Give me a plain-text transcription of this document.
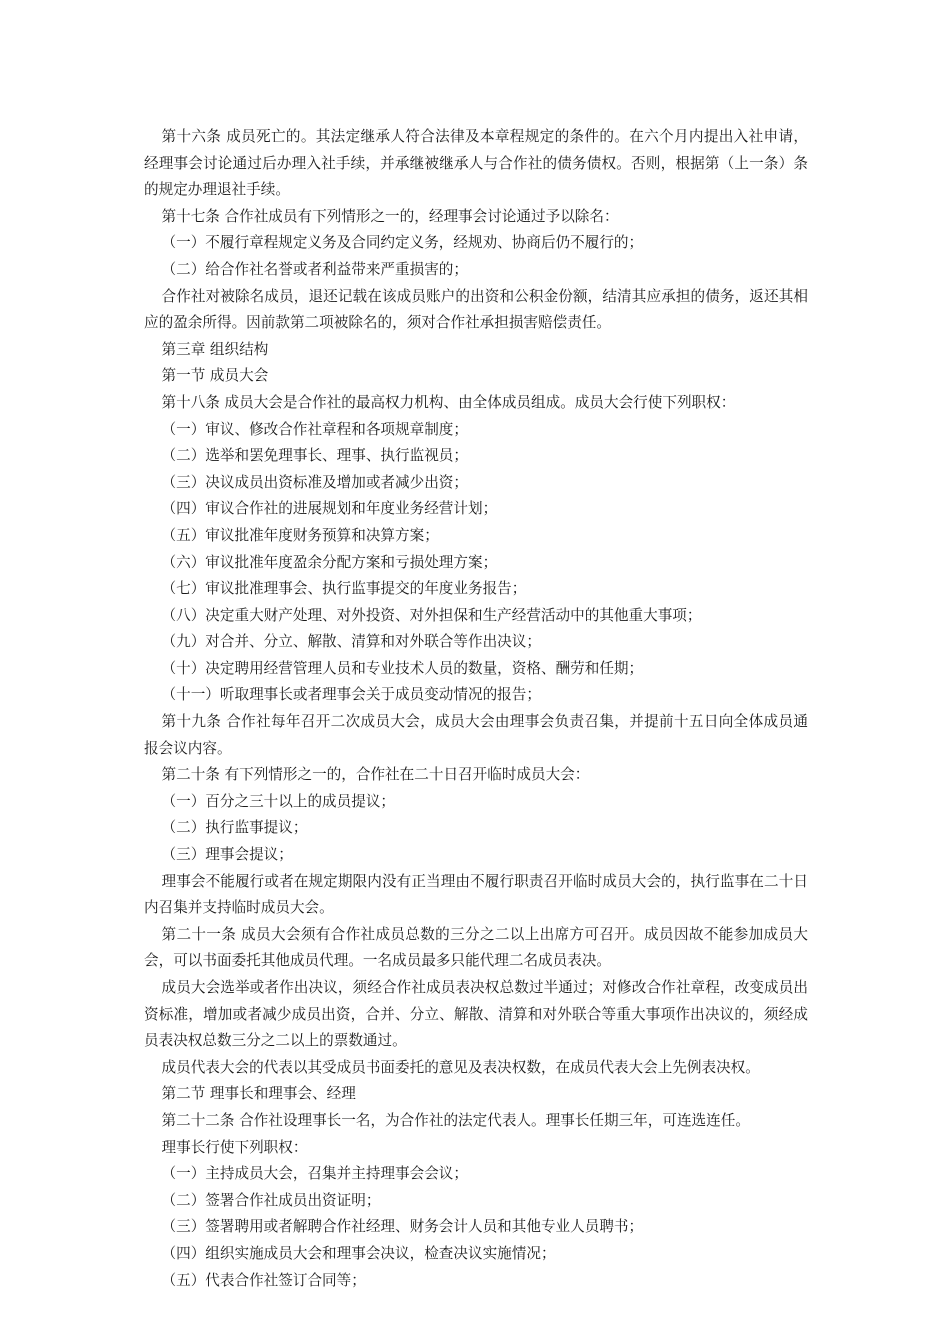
第十六条 成员死亡的。其法定继承人符合法律及本章程规定的条件的。在六个月内提出入社申请，经理事会讨论通过后办理入社手续，并承继被继承人与合作社的债务债权。否则，根据第（上一条）条的规定办理退社手续。

第十七条 合作社成员有下列情形之一的，经理事会讨论通过予以除名：

（一）不履行章程规定义务及合同约定义务，经规劝、协商后仍不履行的；

（二）给合作社名誉或者利益带来严重损害的；

合作社对被除名成员，退还记载在该成员账户的出资和公积金份额，结清其应承担的债务，返还其相应的盈余所得。因前款第二项被除名的，须对合作社承担损害赔偿责任。

第三章 组织结构

第一节 成员大会

第十八条 成员大会是合作社的最高权力机构、由全体成员组成。成员大会行使下列职权：

（一）审议、修改合作社章程和各项规章制度；

（二）选举和罢免理事长、理事、执行监视员；

（三）决议成员出资标准及增加或者减少出资；

（四）审议合作社的进展规划和年度业务经营计划；

（五）审议批准年度财务预算和决算方案；

（六）审议批准年度盈余分配方案和亏损处理方案；

（七）审议批准理事会、执行监事提交的年度业务报告；

（八）决定重大财产处理、对外投资、对外担保和生产经营活动中的其他重大事项；

（九）对合并、分立、解散、清算和对外联合等作出决议；

（十）决定聘用经营管理人员和专业技术人员的数量，资格、酬劳和任期；

（十一）听取理事长或者理事会关于成员变动情况的报告；

第十九条 合作社每年召开二次成员大会，成员大会由理事会负责召集，并提前十五日向全体成员通报会议内容。

第二十条 有下列情形之一的，合作社在二十日召开临时成员大会：

（一）百分之三十以上的成员提议；

（二）执行监事提议；

（三）理事会提议；

理事会不能履行或者在规定期限内没有正当理由不履行职责召开临时成员大会的，执行监事在二十日内召集并支持临时成员大会。

第二十一条 成员大会须有合作社成员总数的三分之二以上出席方可召开。成员因故不能参加成员大会，可以书面委托其他成员代理。一名成员最多只能代理二名成员表决。

成员大会选举或者作出决议，须经合作社成员表决权总数过半通过；对修改合作社章程，改变成员出资标准，增加或者减少成员出资，合并、分立、解散、清算和对外联合等重大事项作出决议的，须经成员表决权总数三分之二以上的票数通过。

成员代表大会的代表以其受成员书面委托的意见及表决权数，在成员代表大会上先例表决权。

第二节 理事长和理事会、经理

第二十二条 合作社设理事长一名，为合作社的法定代表人。理事长任期三年，可连选连任。

理事长行使下列职权：

（一）主持成员大会，召集并主持理事会会议；

（二）签署合作社成员出资证明；

（三）签署聘用或者解聘合作社经理、财务会计人员和其他专业人员聘书；

（四）组织实施成员大会和理事会决议，检查决议实施情况；

（五）代表合作社签订合同等；
